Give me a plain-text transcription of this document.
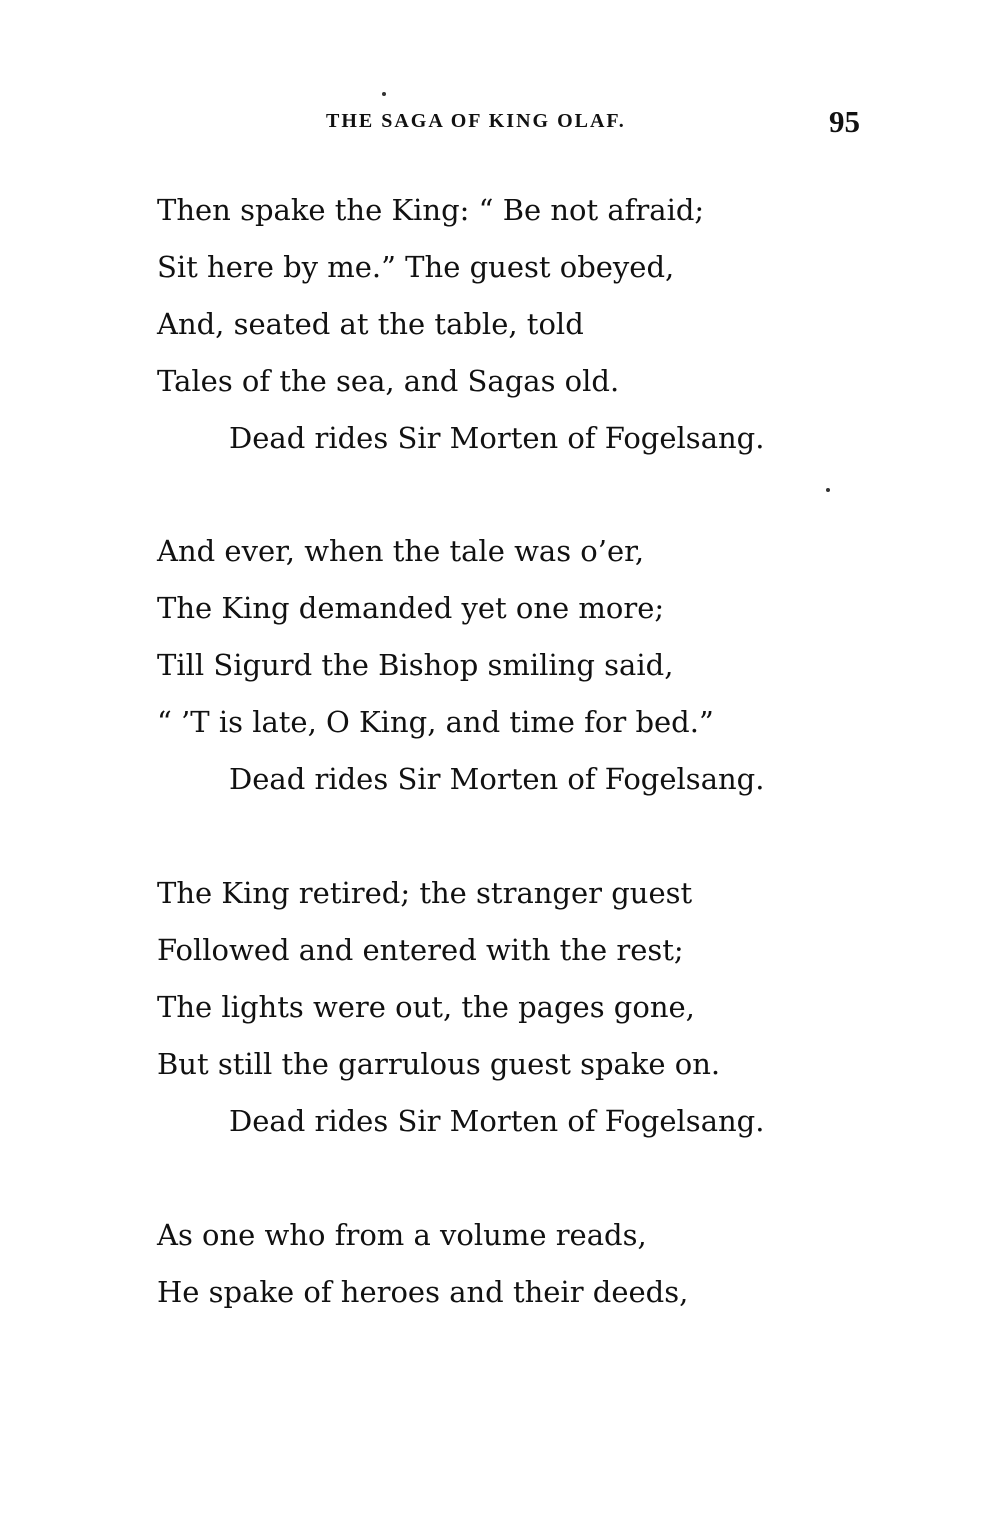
THE SAGA OF KING OLAF.	95
Then spake the King: “ Be not afraid;
Sit here by me.” The guest obeyed,
And, seated at the table, told
Tales of the sea, and Sagas old.
Dead rides Sir Morten of Fogelsang.
And ever, when the tale was o’er,
The King demanded yet one more;
Till Sigurd the Bishop smiling said,
“ ’T is late, O King, and time for bed.”
Dead rides Sir Morten of Fogelsang.
The King retired; the stranger guest
Followed and entered with the rest;
The lights were out, the pages gone,
But still the garrulous guest spake on.
Dead rides Sir Morten of Fogelsang.
As one who from a volume reads,
He spake of heroes and their deeds,
